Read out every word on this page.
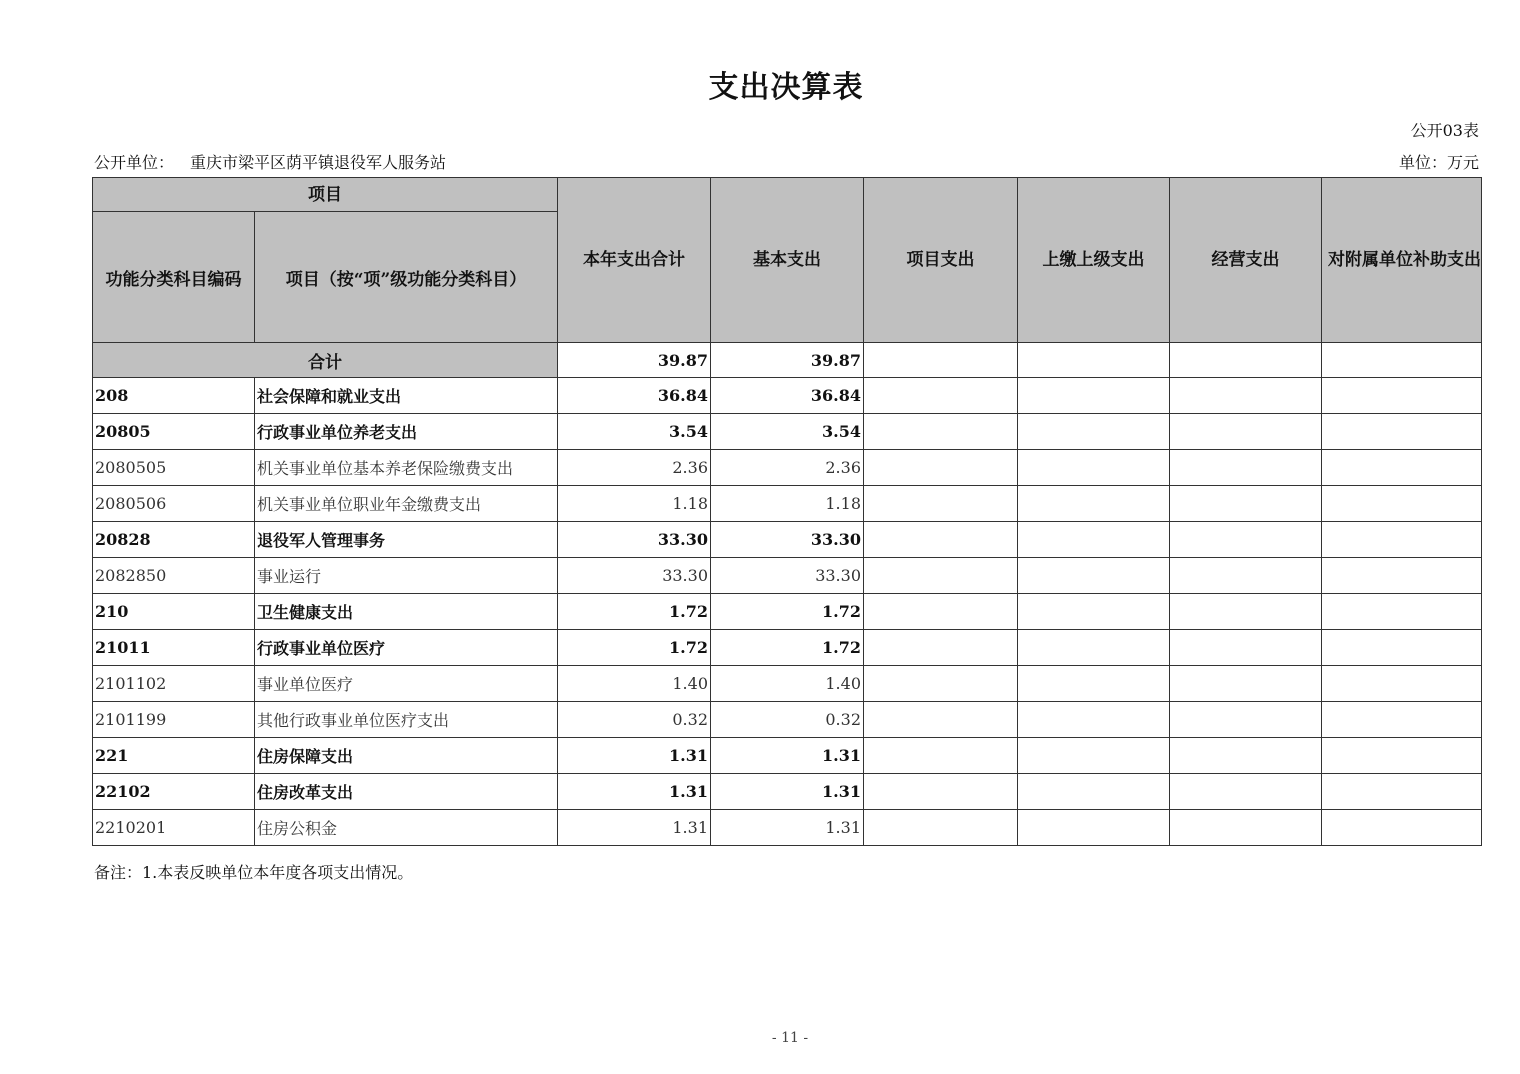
支出决算表
公开03表
公开单位： 重庆市梁平区荫平镇退役军人服务站	单位：万元
项目		本年支出合计	基本支出	项目支出	上缴上级支出	经营支出	对附属单位补助支出
功能分类科目编码	项目（按“项”级功能分类科目）						
合计		39.87	39.87				
208	社会保障和就业支出	36.84	36.84				
20805	行政事业单位养老支出	3.54	3.54				
2080505	机关事业单位基本养老保险缴费支出	2.36	2.36				
2080506	机关事业单位职业年金缴费支出	1.18	1.18				
20828	退役军人管理事务	33.30	33.30				
2082850	事业运行	33.30	33.30				
210	卫生健康支出	1.72	1.72				
21011	行政事业单位医疗	1.72	1.72				
2101102	事业单位医疗	1.40	1.40				
2101199	其他行政事业单位医疗支出	0.32	0.32				
221	住房保障支出	1.31	1.31				
22102	住房改革支出	1.31	1.31				
2210201	住房公积金	1.31	1.31				
备注：1.本表反映单位本年度各项支出情况。
- 11 -
